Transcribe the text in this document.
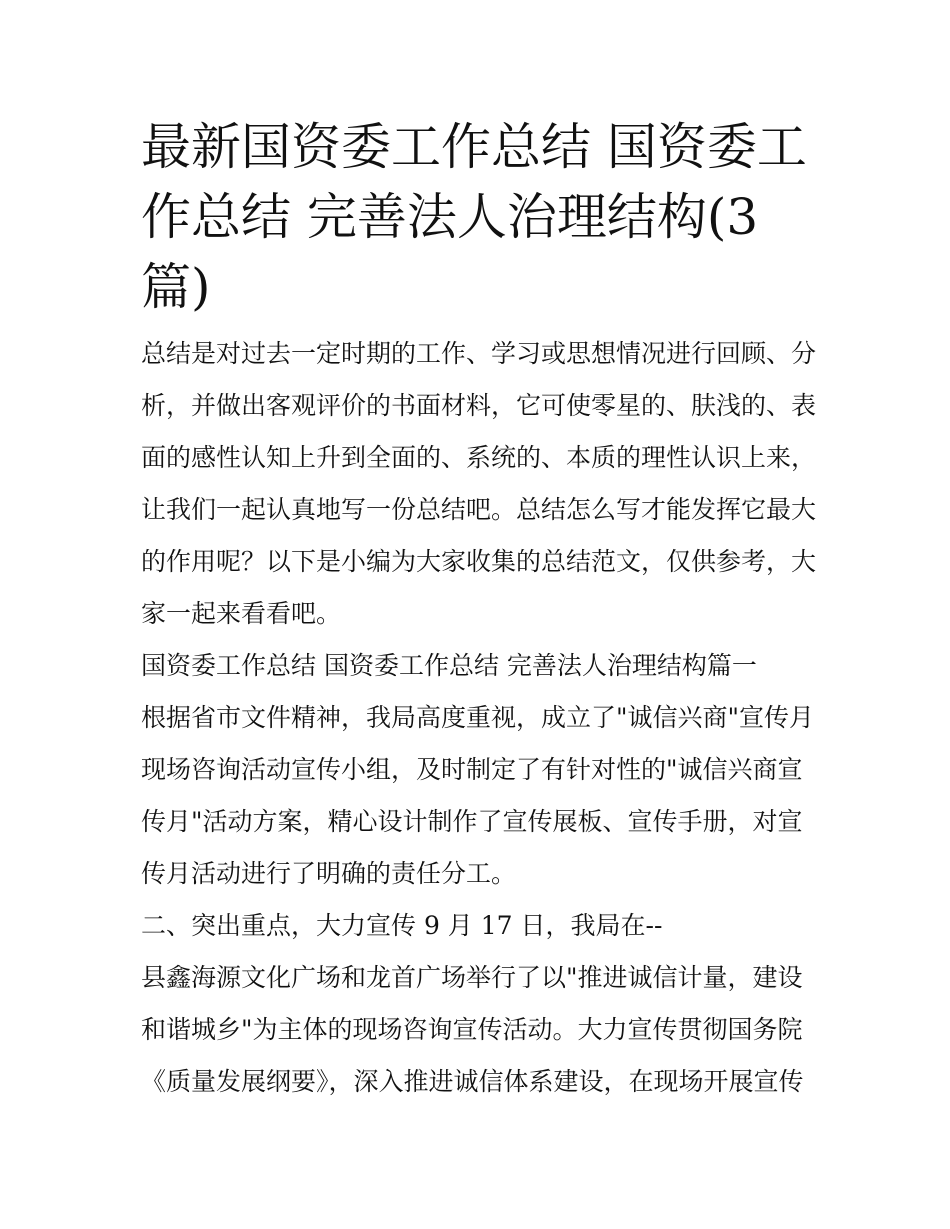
最新国资委工作总结 国资委工
作总结 完善法人治理结构(3
篇)
总结是对过去一定时期的工作、学习或思想情况进行回顾、分
析，并做出客观评价的书面材料，它可使零星的、肤浅的、表
面的感性认知上升到全面的、系统的、本质的理性认识上来，
让我们一起认真地写一份总结吧。总结怎么写才能发挥它最大
的作用呢？以下是小编为大家收集的总结范文，仅供参考，大
家一起来看看吧。
国资委工作总结 国资委工作总结 完善法人治理结构篇一
根据省市文件精神，我局高度重视，成立了"诚信兴商"宣传月
现场咨询活动宣传小组，及时制定了有针对性的"诚信兴商宣
传月"活动方案，精心设计制作了宣传展板、宣传手册，对宣
传月活动进行了明确的责任分工。
二、突出重点，大力宣传 9 月 17 日，我局在--
县鑫海源文化广场和龙首广场举行了以"推进诚信计量，建设
和谐城乡"为主体的现场咨询宣传活动。大力宣传贯彻国务院
《质量发展纲要》，深入推进诚信体系建设，在现场开展宣传
